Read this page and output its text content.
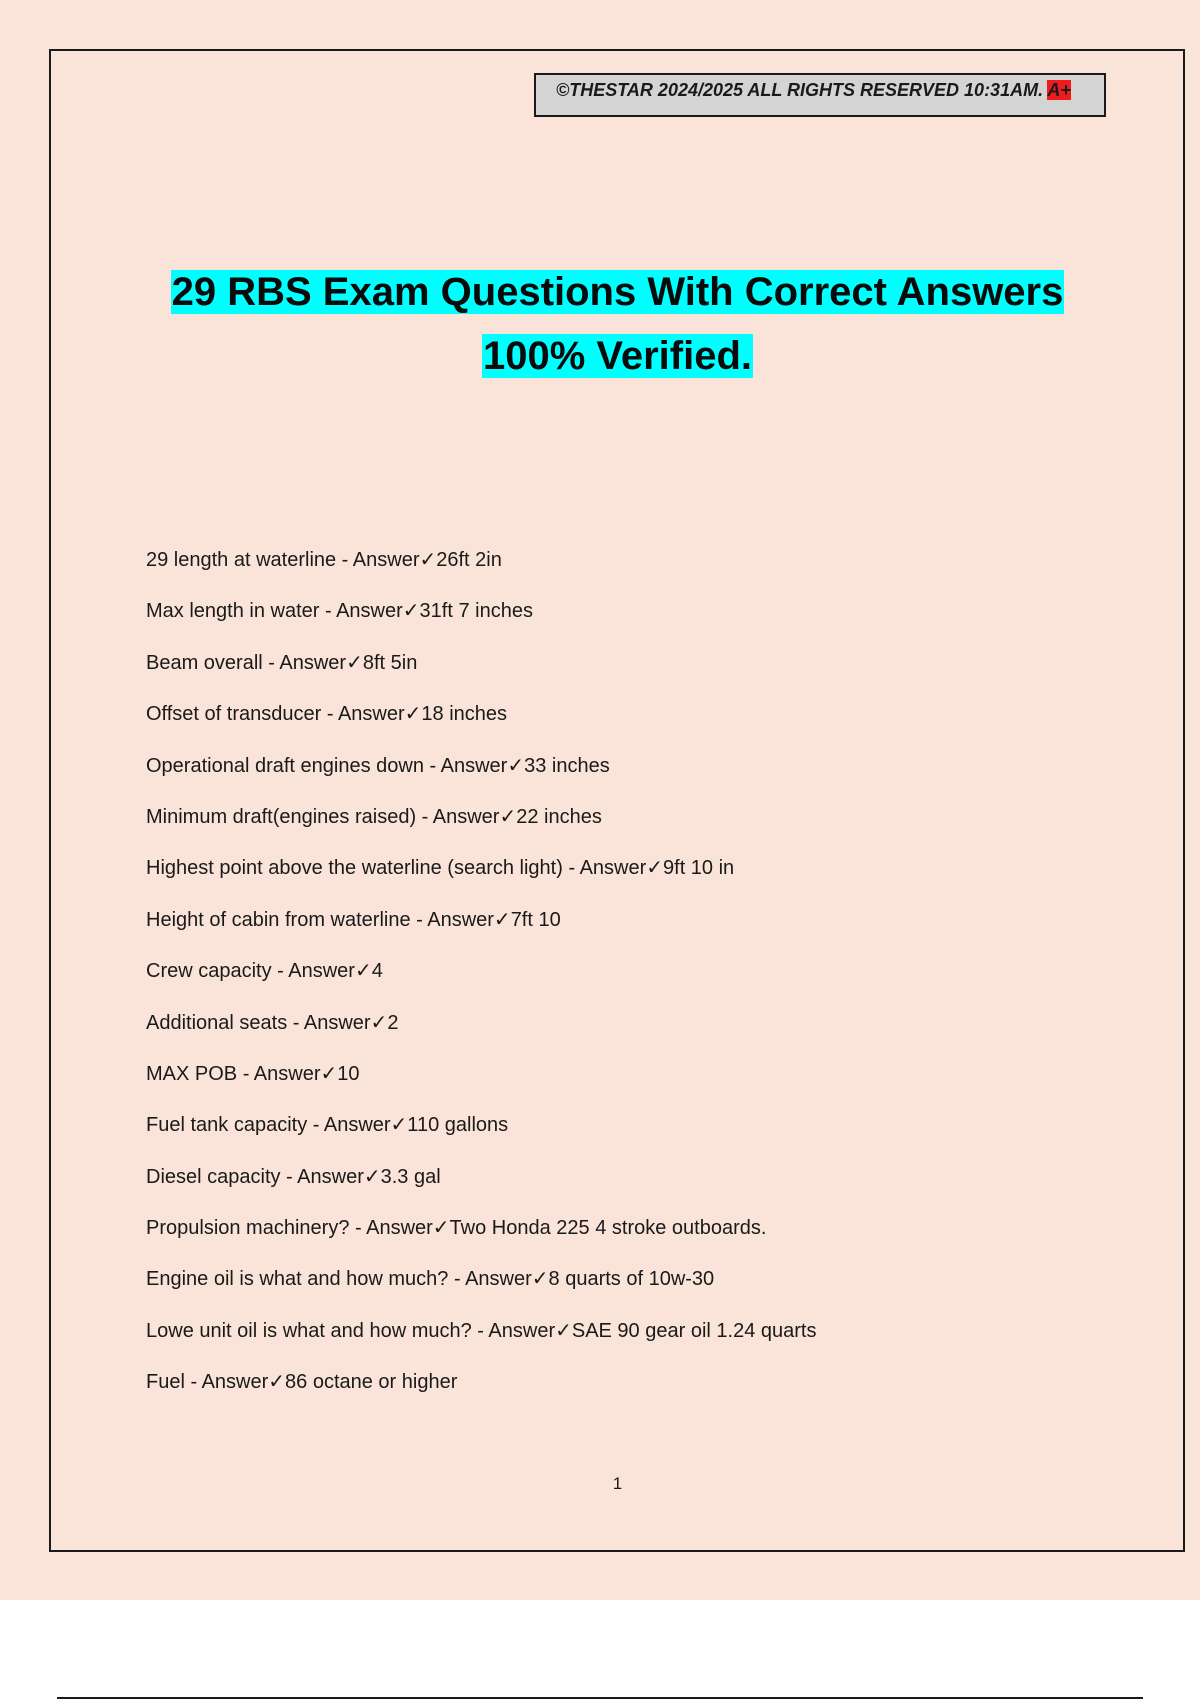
©THESTAR 2024/2025 ALL RIGHTS RESERVED 10:31AM. A+
29 RBS Exam Questions With Correct Answers
100% Verified.
29 length at waterline - Answer✓26ft 2in
Max length in water - Answer✓31ft 7 inches
Beam overall - Answer✓8ft 5in
Offset of transducer - Answer✓18 inches
Operational draft engines down - Answer✓33 inches
Minimum draft(engines raised) - Answer✓22 inches
Highest point above the waterline (search light) - Answer✓9ft 10 in
Height of cabin from waterline - Answer✓7ft 10
Crew capacity - Answer✓4
Additional seats - Answer✓2
MAX POB - Answer✓10
Fuel tank capacity - Answer✓110 gallons
Diesel capacity - Answer✓3.3 gal
Propulsion machinery? - Answer✓Two Honda 225 4 stroke outboards.
Engine oil is what and how much? - Answer✓8 quarts of 10w-30
Lowe unit oil is what and how much? - Answer✓SAE 90 gear oil 1.24 quarts
Fuel - Answer✓86 octane or higher
1
